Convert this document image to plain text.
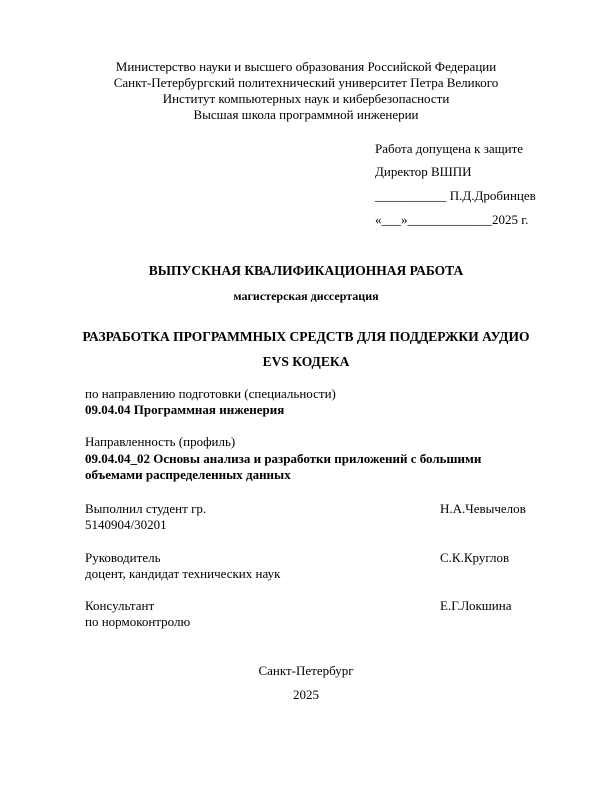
Министерство науки и высшего образования Российской Федерации
Санкт-Петербургский политехнический университет Петра Великого
Институт компьютерных наук и кибербезопасности
Высшая школа программной инженерии
Работа допущена к защите
Директор ВШПИ
___________ П.Д.Дробинцев
«___»_____________2025 г.
ВЫПУСКНАЯ КВАЛИФИКАЦИОННАЯ РАБОТА
магистерская диссертация
РАЗРАБОТКА ПРОГРАММНЫХ СРЕДСТВ ДЛЯ ПОДДЕРЖКИ АУДИО
EVS КОДЕКА
по направлению подготовки (специальности)
09.04.04 Программная инженерия
Направленность (профиль)
09.04.04_02 Основы анализа и разработки приложений с большими
объемами распределенных данных
Выполнил студент гр.
5140904/30201
Н.А.Чевычелов
Руководитель
доцент, кандидат технических наук
С.К.Круглов
Консультант
по нормоконтролю
Е.Г.Локшина
Санкт-Петербург
2025
